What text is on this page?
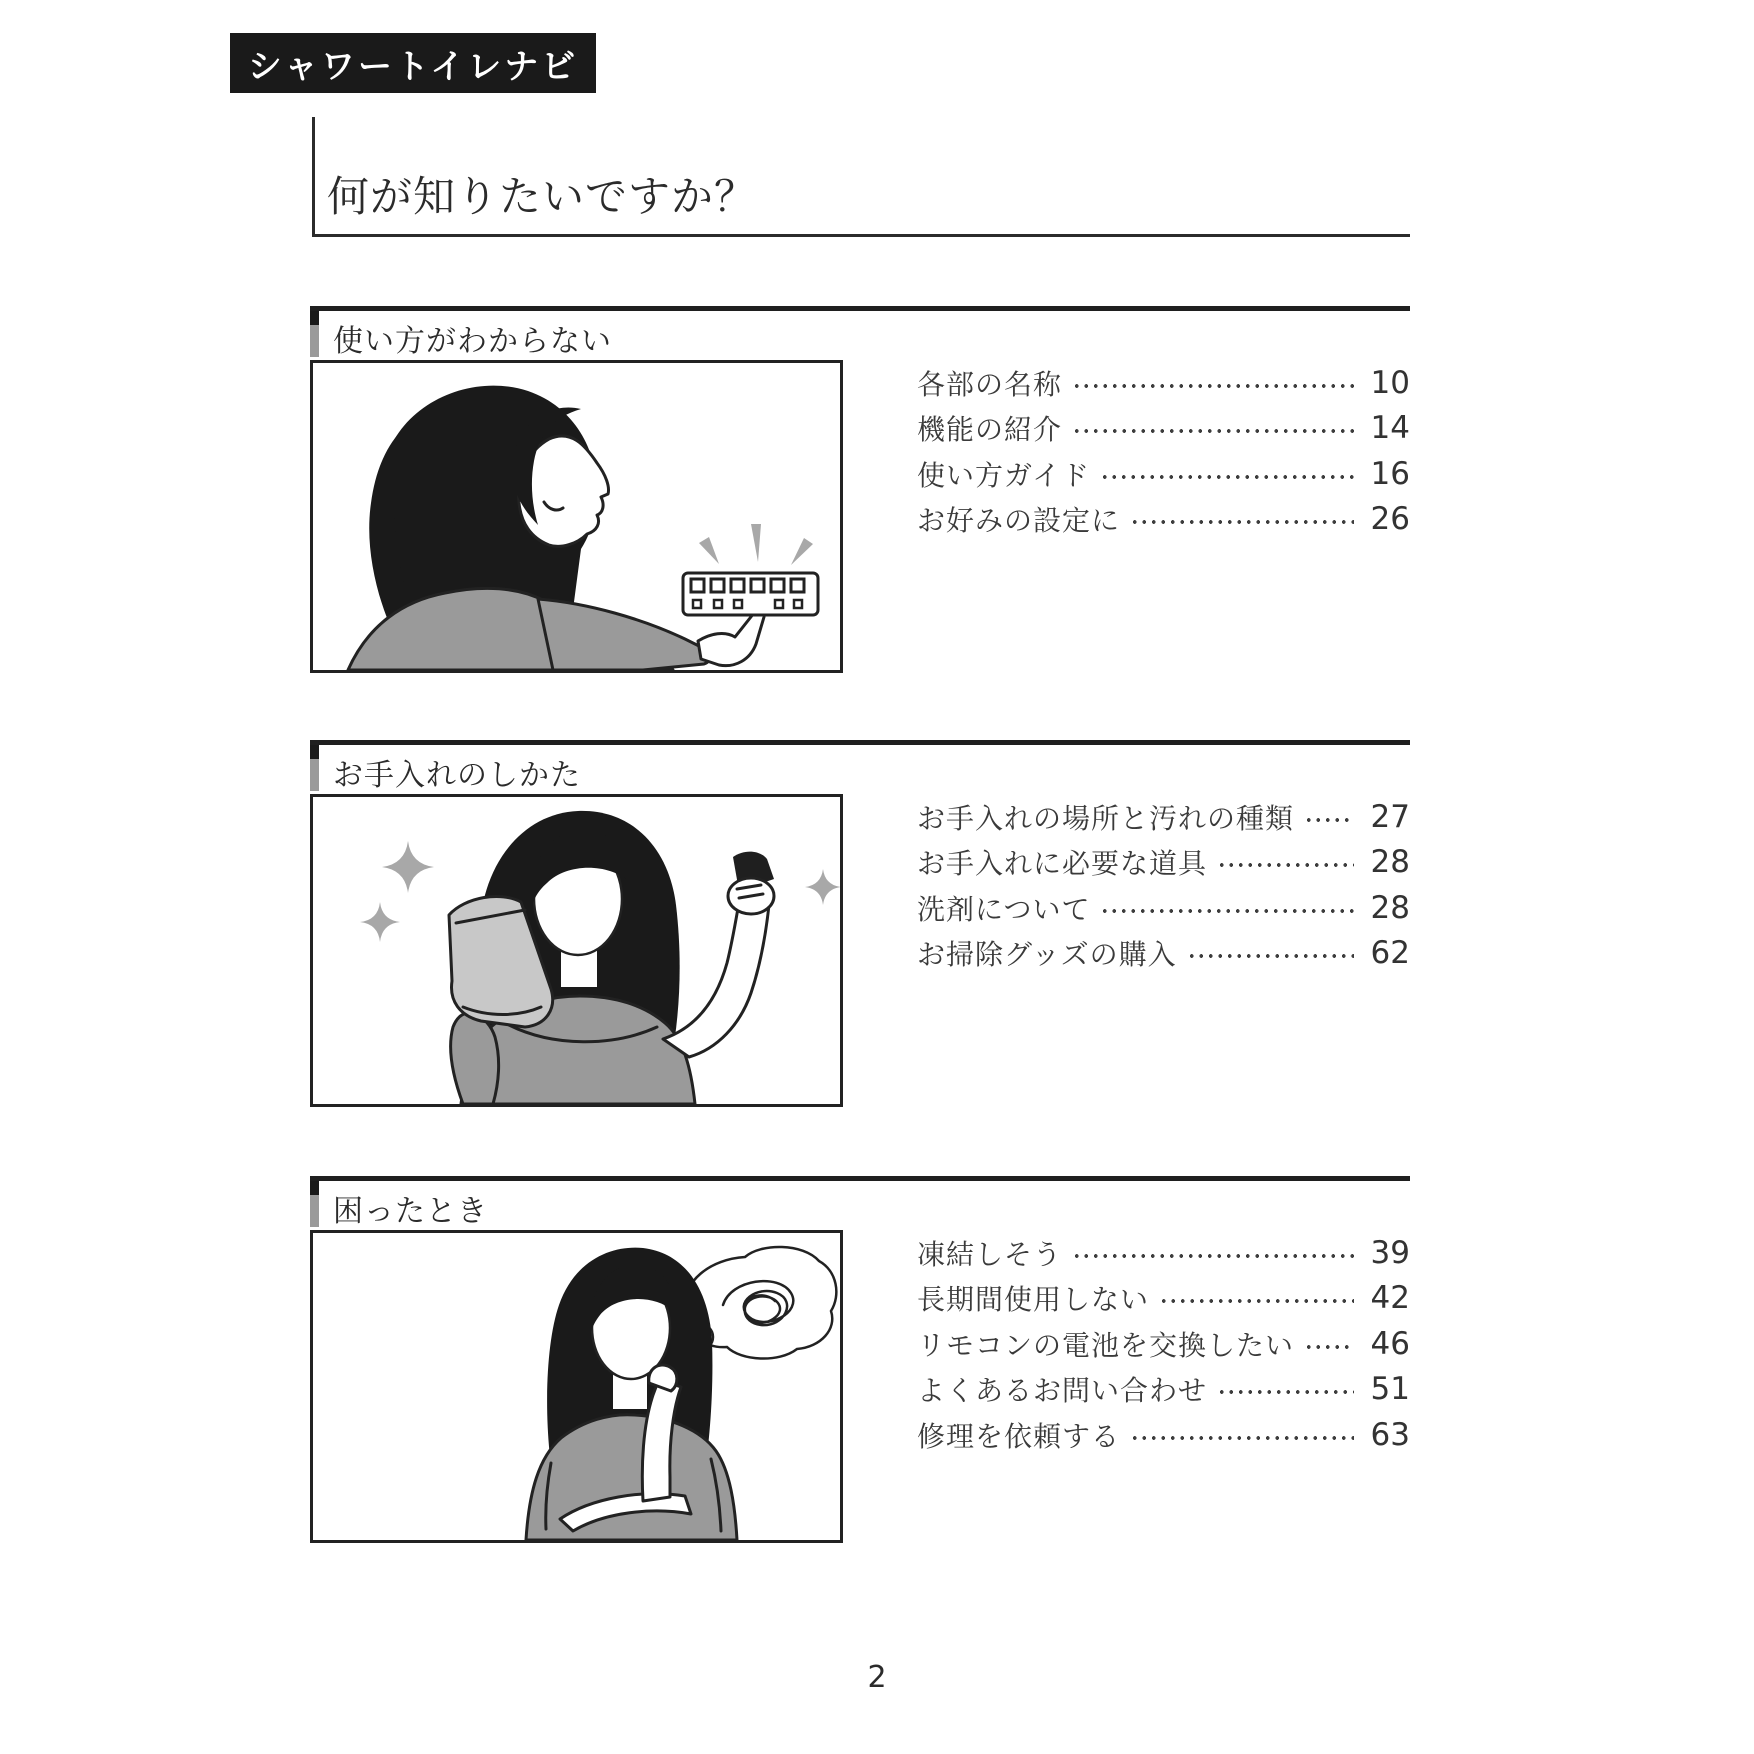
シャワートイレナビ
何が知りたいですか？
使い方がわからない
各部の名称	10
機能の紹介	14
使い方ガイド	16
お好みの設定に	26
お手入れのしかた
お手入れの場所と汚れの種類 27
お手入れに必要な道具	28
洗剤について	28
お掃除グッズの購入	62
困ったとき
凍結しそう	39
長期間使用しない	42
リモコンの電池を交換したい 46
よくあるお問い合わせ	51
修理を依頼する	63
2
